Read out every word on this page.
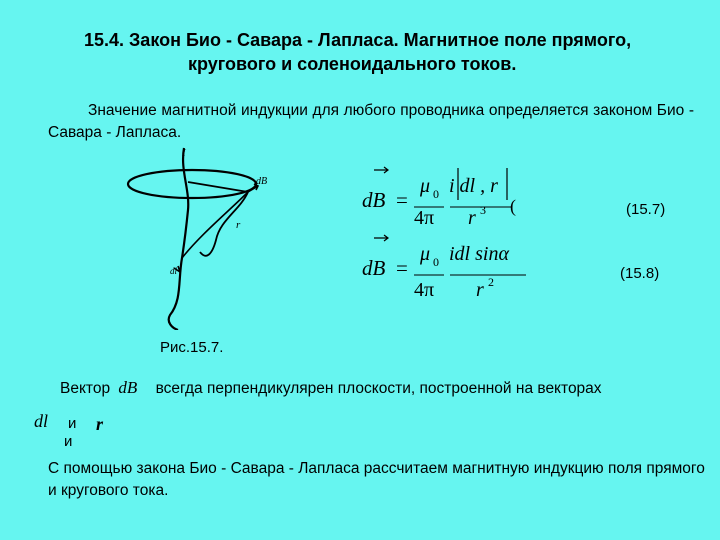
15.4. Закон Био - Савара - Лапласа. Магнитное поле прямого,
кругового и соленоидального токов.
Значение магнитной индукции для любого проводника определяется законом Био - Савара - Лапласа.
I
dB
r
dl
Рис.15.7.
dB =
μ 0
4π
i dl , r
(
r 3	(15.7)
dB =
μ 0
4π
idl sinα
r 2	(15.8)
Вектор dB всегда перпендикулярен плоскости, построенной на векторах
dl и r
и
С помощью закона Био - Савара - Лапласа рассчитаем магнитную индукцию поля прямого и кругового тока.
